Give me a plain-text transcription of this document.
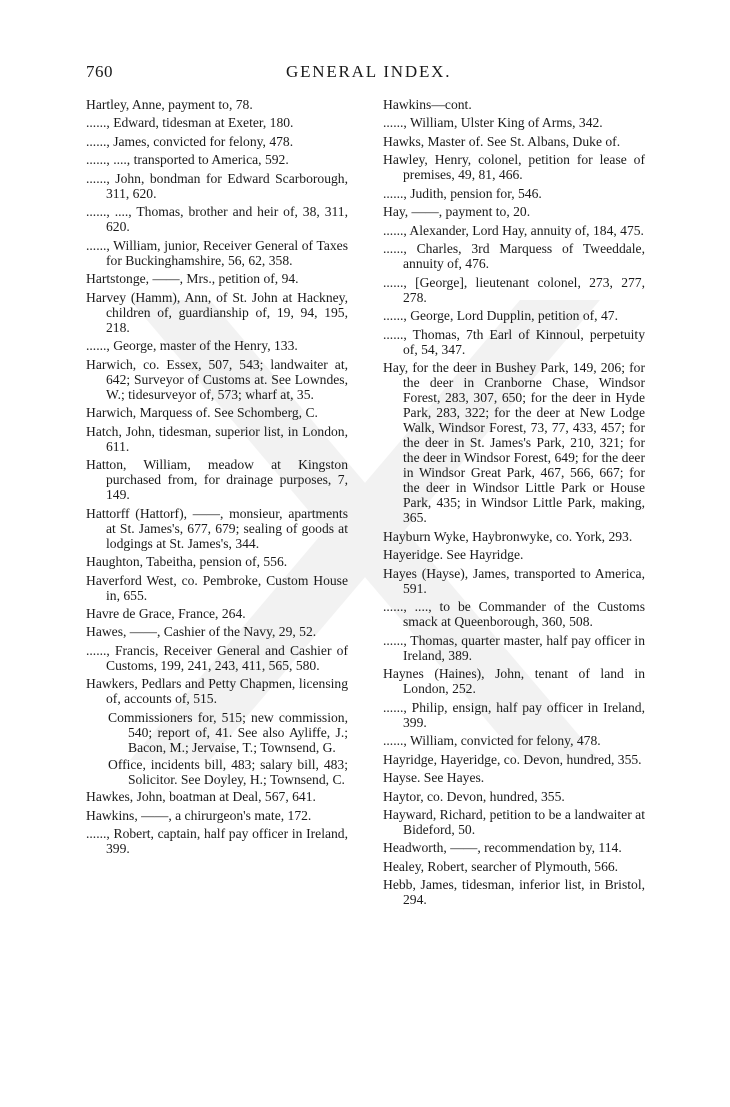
760	GENERAL INDEX.
Hartley, Anne, payment to, 78.
......, Edward, tidesman at Exeter, 180.
......, James, convicted for felony, 478.
......, ...., transported to America, 592.
......, John, bondman for Edward Scarborough, 311, 620.
......, ...., Thomas, brother and heir of, 38, 311, 620.
......, William, junior, Receiver General of Taxes for Buckinghamshire, 56, 62, 358.
Hartstonge, ——, Mrs., petition of, 94.
Harvey (Hamm), Ann, of St. John at Hackney, children of, guardianship of, 19, 94, 195, 218.
......, George, master of the Henry, 133.
Harwich, co. Essex, 507, 543; landwaiter at, 642; Surveyor of Customs at. See Lowndes, W.; tidesurveyor of, 573; wharf at, 35.
Harwich, Marquess of. See Schomberg, C.
Hatch, John, tidesman, superior list, in London, 611.
Hatton, William, meadow at Kingston purchased from, for drainage purposes, 7, 149.
Hattorff (Hattorf), ——, monsieur, apartments at St. James's, 677, 679; sealing of goods at lodgings at St. James's, 344.
Haughton, Tabeitha, pension of, 556.
Haverford West, co. Pembroke, Custom House in, 655.
Havre de Grace, France, 264.
Hawes, ——, Cashier of the Navy, 29, 52.
......, Francis, Receiver General and Cashier of Customs, 199, 241, 243, 411, 565, 580.
Hawkers, Pedlars and Petty Chapmen, licensing of, accounts of, 515.
Commissioners for, 515; new commission, 540; report of, 41. See also Ayliffe, J.; Bacon, M.; Jervaise, T.; Townsend, G.
Office, incidents bill, 483; salary bill, 483; Solicitor. See Doyley, H.; Townsend, C.
Hawkes, John, boatman at Deal, 567, 641.
Hawkins, ——, a chirurgeon's mate, 172.
......, Robert, captain, half pay officer in Ireland, 399.
Hawkins—cont.
......, William, Ulster King of Arms, 342.
Hawks, Master of. See St. Albans, Duke of.
Hawley, Henry, colonel, petition for lease of premises, 49, 81, 466.
......, Judith, pension for, 546.
Hay, ——, payment to, 20.
......, Alexander, Lord Hay, annuity of, 184, 475.
......, Charles, 3rd Marquess of Tweeddale, annuity of, 476.
......, [George], lieutenant colonel, 273, 277, 278.
......, George, Lord Dupplin, petition of, 47.
......, Thomas, 7th Earl of Kinnoul, perpetuity of, 54, 347.
Hay, for the deer in Bushey Park, 149, 206; for the deer in Cranborne Chase, Windsor Forest, 283, 307, 650; for the deer in Hyde Park, 283, 322; for the deer at New Lodge Walk, Windsor Forest, 73, 77, 433, 457; for the deer in St. James's Park, 210, 321; for the deer in Windsor Forest, 649; for the deer in Windsor Great Park, 467, 566, 667; for the deer in Windsor Little Park or House Park, 435; in Windsor Little Park, making, 365.
Hayburn Wyke, Haybronwyke, co. York, 293.
Hayeridge. See Hayridge.
Hayes (Hayse), James, transported to America, 591.
......, ...., to be Commander of the Customs smack at Queenborough, 360, 508.
......, Thomas, quarter master, half pay officer in Ireland, 389.
Haynes (Haines), John, tenant of land in London, 252.
......, Philip, ensign, half pay officer in Ireland, 399.
......, William, convicted for felony, 478.
Hayridge, Hayeridge, co. Devon, hundred, 355.
Hayse. See Hayes.
Haytor, co. Devon, hundred, 355.
Hayward, Richard, petition to be a landwaiter at Bideford, 50.
Headworth, ——, recommendation by, 114.
Healey, Robert, searcher of Plymouth, 566.
Hebb, James, tidesman, inferior list, in Bristol, 294.
